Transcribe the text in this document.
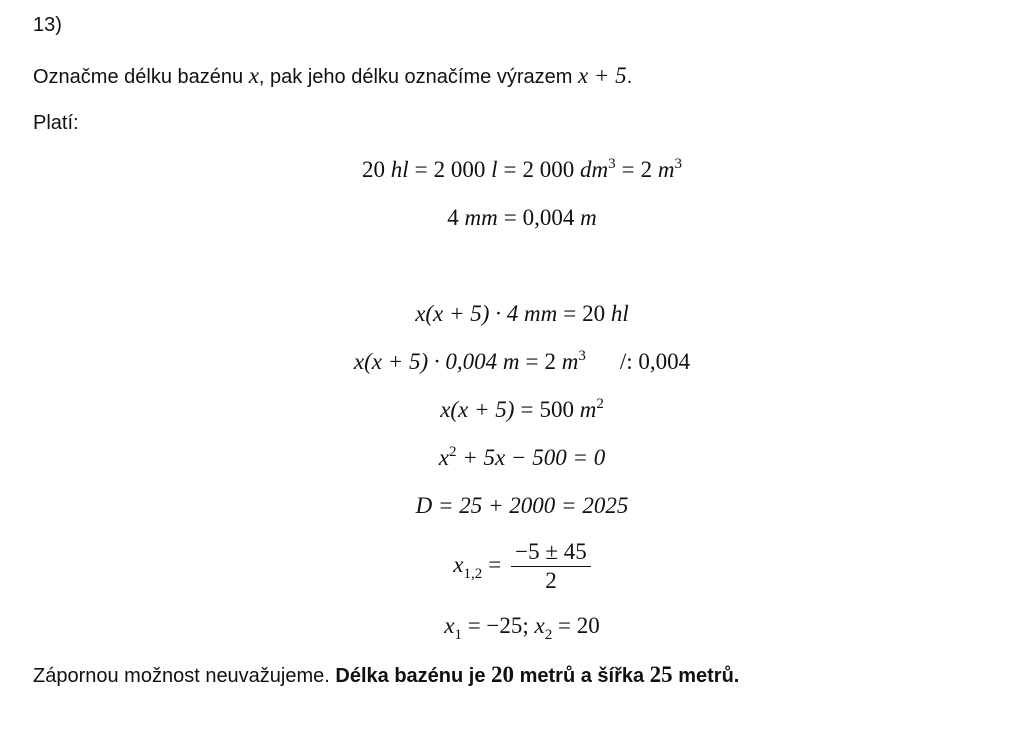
13)
Označme délku bazénu x, pak jeho délku označíme výrazem x + 5.
Platí:
20 hl = 2 000 l = 2 000 $dm^3 = 2$ $m^3$
4 mm = 0,004 m
x(x + 5) · 4 mm = 20 hl
x(x + 5) · 0,004 m = 2 $m^3$ /: 0,004
x(x + 5) = 500 $m^2$
$x^2 + 5x - 500 = 0$
D = 25 + 2000 = 2025
$x_{1,2} = \frac{-5 \pm 45}{2}$
$x_1 = -25$; $x_2 = 20$
Zápornou možnost neuvažujeme. Délka bazénu je 20 metrů a šířka 25 metrů.
